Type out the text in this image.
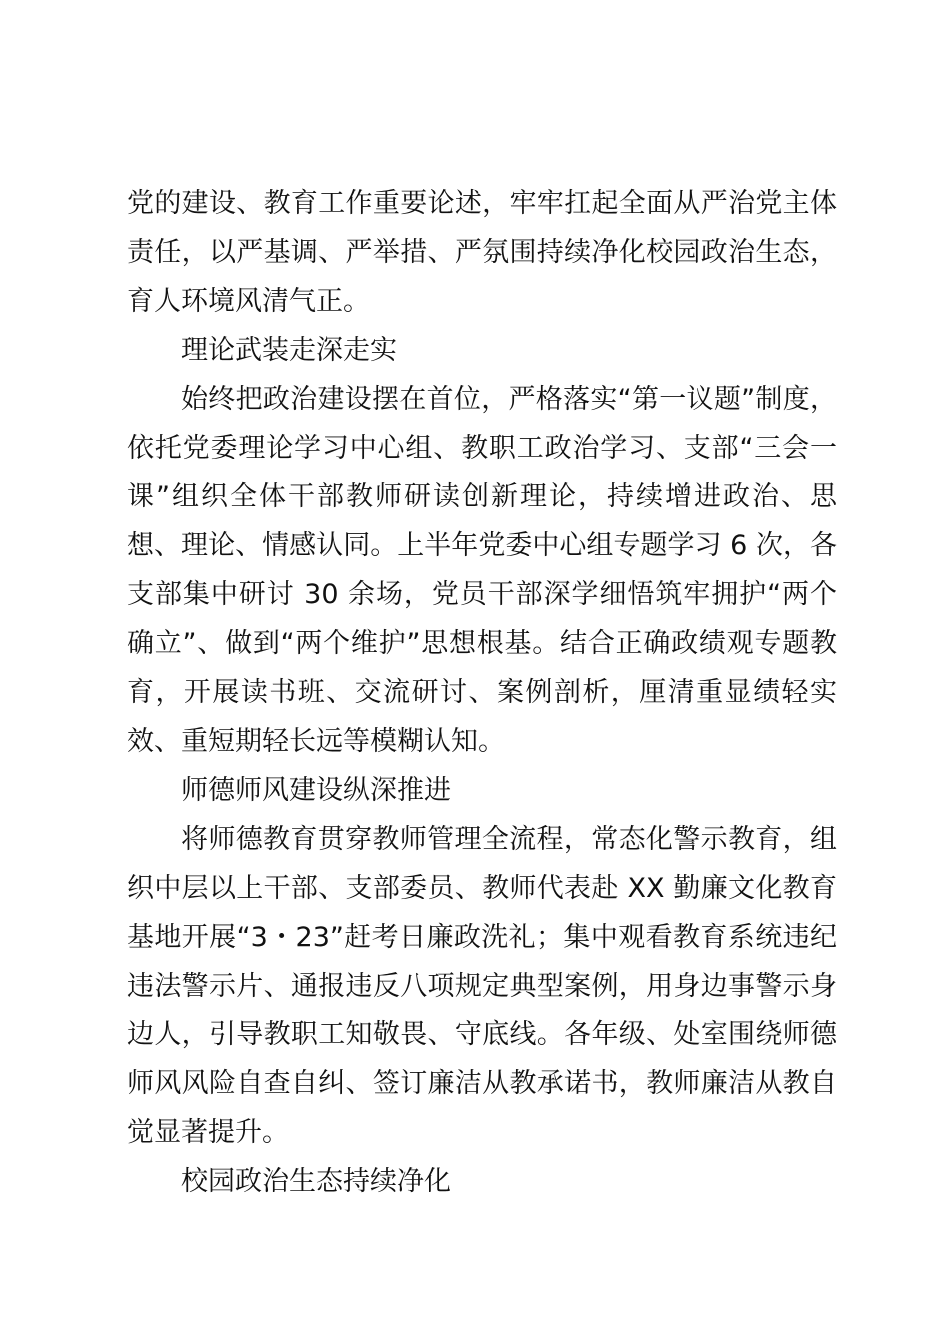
党的建设、教育工作重要论述，牢牢扛起全面从严治党主体责任，以严基调、严举措、严氛围持续净化校园政治生态，育人环境风清气正。

理论武装走深走实

始终把政治建设摆在首位，严格落实“第一议题”制度，依托党委理论学习中心组、教职工政治学习、支部“三会一课”组织全体干部教师研读创新理论，持续增进政治、思想、理论、情感认同。上半年党委中心组专题学习 6 次，各支部集中研讨 30 余场，党员干部深学细悟筑牢拥护“两个确立”、做到“两个维护”思想根基。结合正确政绩观专题教育，开展读书班、交流研讨、案例剖析，厘清重显绩轻实效、重短期轻长远等模糊认知。

师德师风建设纵深推进

将师德教育贯穿教师管理全流程，常态化警示教育，组织中层以上干部、支部委员、教师代表赴 XX 勤廉文化教育基地开展“3・23”赶考日廉政洗礼；集中观看教育系统违纪违法警示片、通报违反八项规定典型案例，用身边事警示身边人，引导教职工知敬畏、守底线。各年级、处室围绕师德师风风险自查自纠、签订廉洁从教承诺书，教师廉洁从教自觉显著提升。

校园政治生态持续净化
